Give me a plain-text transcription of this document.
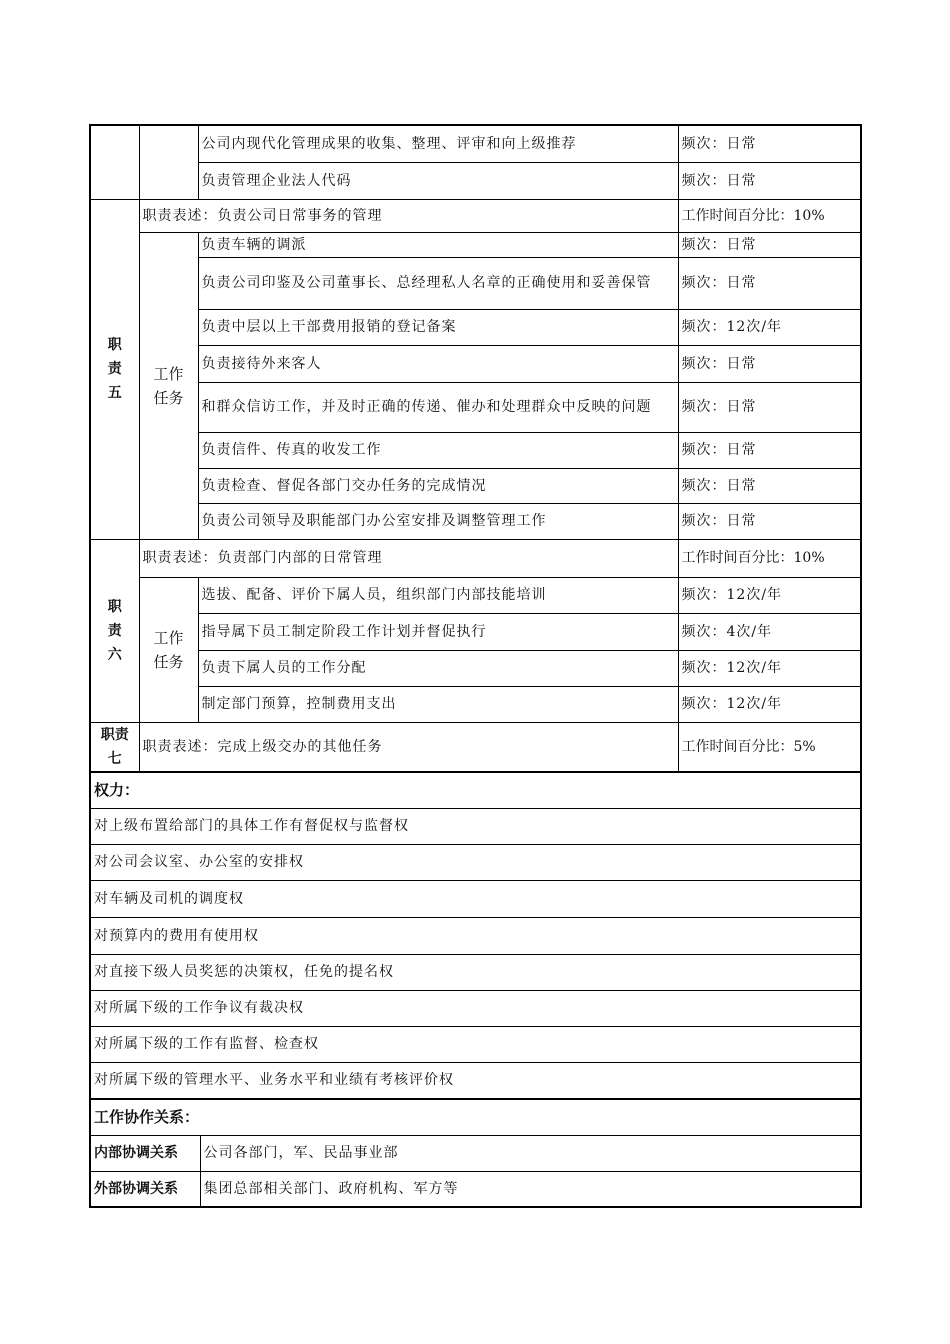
		公司内现代化管理成果的收集、整理、评审和向上级推荐		频次：日常
		负责管理企业法人代码		频次：日常

职
责
五	职责表述：负责公司日常事务的管理			工作时间百分比：10%

	工作
任务	负责车辆的调派		频次：日常
		负责公司印鉴及公司董事长、总经理私人名章的正确使用和妥善保管		频次：日常
		负责中层以上干部费用报销的登记备案		频次：12次/年
		负责接待外来客人		频次：日常
		和群众信访工作，并及时正确的传递、催办和处理群众中反映的问题		频次：日常
		负责信件、传真的收发工作		频次：日常
		负责检查、督促各部门交办任务的完成情况		频次：日常
		负责公司领导及职能部门办公室安排及调整管理工作		频次：日常

职
责
六	职责表述：负责部门内部的日常管理			工作时间百分比：10%

	工作
任务	选拔、配备、评价下属人员，组织部门内部技能培训		频次：12次/年
		指导属下员工制定阶段工作计划并督促执行		频次：4次/年
		负责下属人员的工作分配		频次：12次/年
		制定部门预算，控制费用支出		频次：12次/年

职责
七	职责表述：完成上级交办的其他任务			工作时间百分比：5%
权力：				
对上级布置给部门的具体工作有督促权与监督权				
对公司会议室、办公室的安排权				
对车辆及司机的调度权				
对预算内的费用有使用权				
对直接下级人员奖惩的决策权，任免的提名权				
对所属下级的工作争议有裁决权				
对所属下级的工作有监督、检查权				
对所属下级的管理水平、业务水平和业绩有考核评价权				
工作协作关系：				
内部协调关系			公司各部门，军、民品事业部	
外部协调关系			集团总部相关部门、政府机构、军方等	
